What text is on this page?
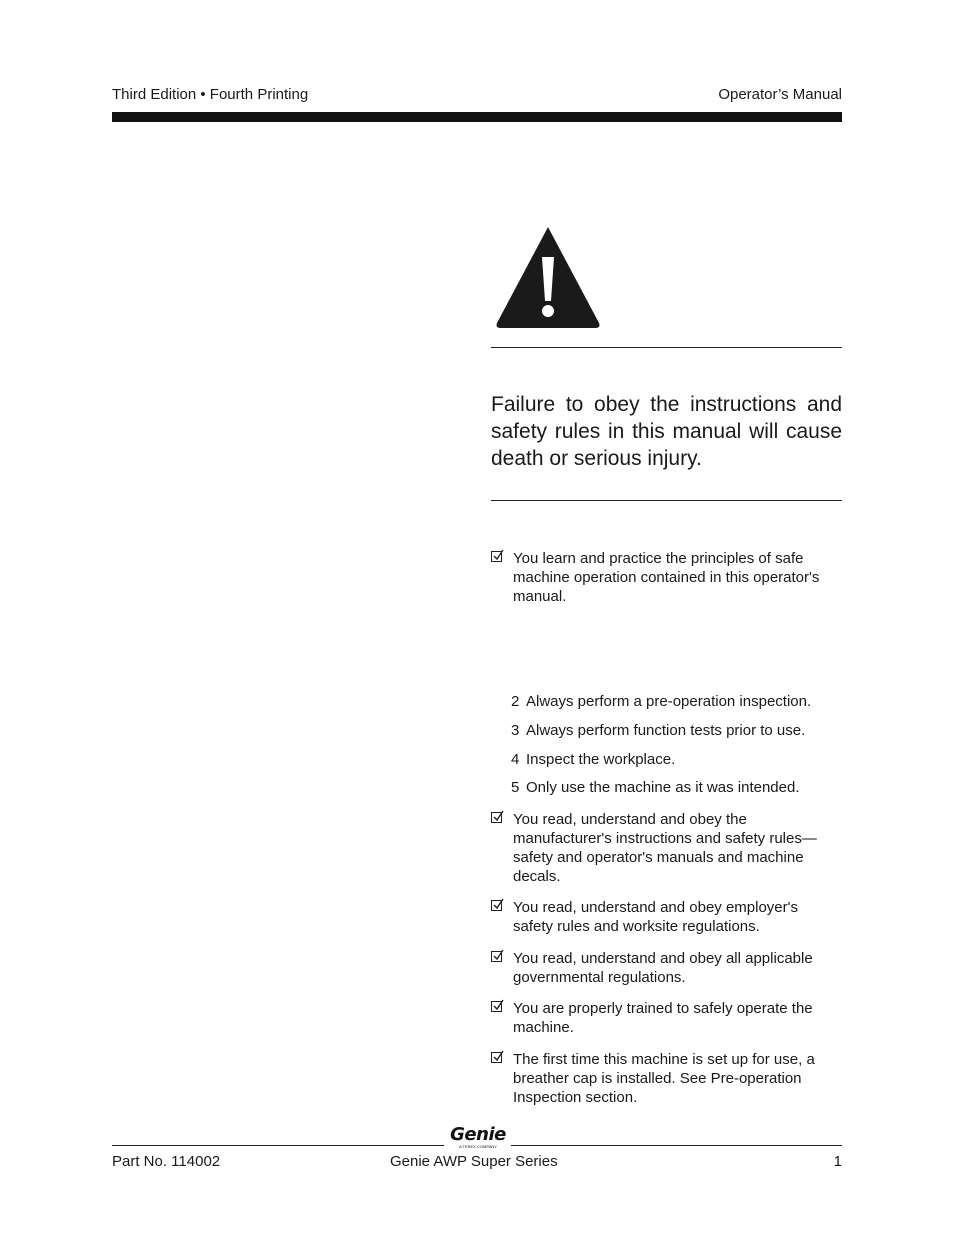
Third Edition • Fourth Printing	Operator’s Manual
Failure to obey the instructions and safety rules in this manual will cause death or serious injury.
You learn and practice the principles of safe machine operation contained in this operator's manual.
2 Always perform a pre-operation inspection.
3 Always perform function tests prior to use.
4 Inspect the workplace.
5 Only use the machine as it was intended.
You read, understand and obey the manufacturer's instructions and safety rules—safety and operator's manuals and machine decals.
You read, understand and obey employer's safety rules and worksite regulations.
You read, understand and obey all applicable governmental regulations.
You are properly trained to safely operate the machine.
The first time this machine is set up for use, a breather cap is installed. See Pre-operation Inspection section.
Genie
A TEREX COMPANY
Part No. 114002	Genie AWP Super Series	1
